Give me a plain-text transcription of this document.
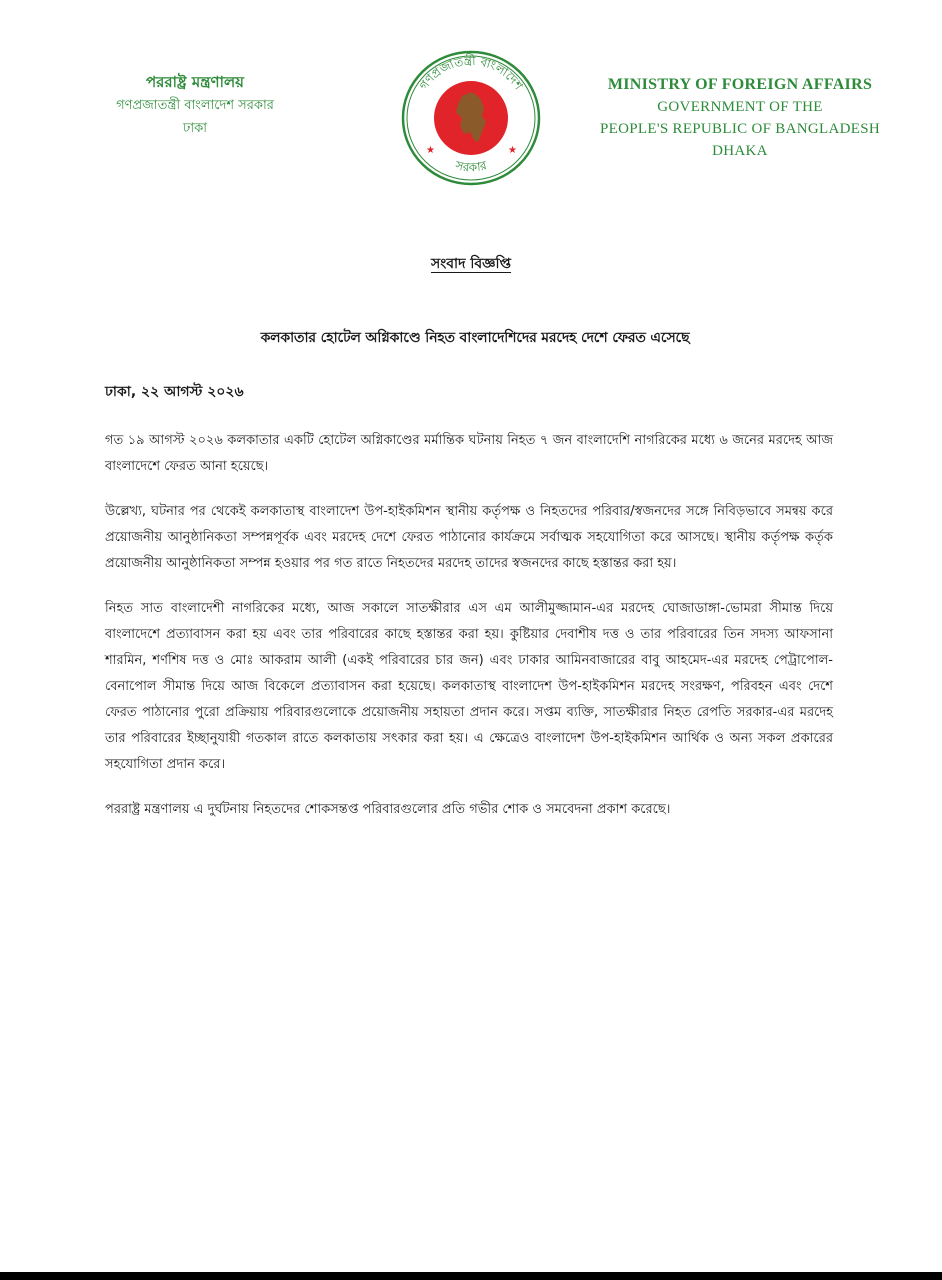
পররাষ্ট্র মন্ত্রণালয়
গণপ্রজাতন্ত্রী বাংলাদেশ সরকার
ঢাকা
গণপ্রজাতন্ত্রী বাংলাদেশ
সরকার
★	★
MINISTRY OF FOREIGN AFFAIRS
GOVERNMENT OF THE
PEOPLE'S REPUBLIC OF BANGLADESH
DHAKA
সংবাদ বিজ্ঞপ্তি
কলকাতার হোটেল অগ্নিকাণ্ডে নিহত বাংলাদেশিদের মরদেহ দেশে ফেরত এসেছে
ঢাকা, ২২ আগস্ট ২০২৬

গত ১৯ আগস্ট ২০২৬ কলকাতার একটি হোটেল অগ্নিকাণ্ডের মর্মান্তিক ঘটনায় নিহত ৭ জন বাংলাদেশি নাগরিকের মধ্যে ৬ জনের মরদেহ আজ বাংলাদেশে ফেরত আনা হয়েছে।

উল্লেখ্য, ঘটনার পর থেকেই কলকাতাস্থ বাংলাদেশ উপ-হাইকমিশন স্থানীয় কর্তৃপক্ষ ও নিহতদের পরিবার/স্বজনদের সঙ্গে নিবিড়ভাবে সমন্বয় করে প্রয়োজনীয় আনুষ্ঠানিকতা সম্পন্নপূর্বক এবং মরদেহ দেশে ফেরত পাঠানোর কার্যক্রমে সর্বাত্মক সহযোগিতা করে আসছে। স্থানীয় কর্তৃপক্ষ কর্তৃক প্রয়োজনীয় আনুষ্ঠানিকতা সম্পন্ন হওয়ার পর গত রাতে নিহতদের মরদেহ তাদের স্বজনদের কাছে হস্তান্তর করা হয়।

নিহত সাত বাংলাদেশী নাগরিকের মধ্যে, আজ সকালে সাতক্ষীরার এস এম আলীমুজ্জামান-এর মরদেহ ঘোজাডাঙ্গা-ভোমরা সীমান্ত দিয়ে বাংলাদেশে প্রত্যাবাসন করা হয় এবং তার পরিবারের কাছে হস্তান্তর করা হয়। কুষ্টিয়ার দেবাশীষ দত্ত ও তার পরিবারের তিন সদস্য আফসানা শারমিন, শর্ণশিষ দত্ত ও মোঃ আকরাম আলী (একই পরিবারের চার জন) এবং ঢাকার আমিনবাজারের বাবু আহমেদ-এর মরদেহ পেট্রাপোল-বেনাপোল সীমান্ত দিয়ে আজ বিকেলে প্রত্যাবাসন করা হয়েছে। কলকাতাস্থ বাংলাদেশ উপ-হাইকমিশন মরদেহ সংরক্ষণ, পরিবহন এবং দেশে ফেরত পাঠানোর পুরো প্রক্রিয়ায় পরিবারগুলোকে প্রয়োজনীয় সহায়তা প্রদান করে। সপ্তম ব্যক্তি, সাতক্ষীরার নিহত রেপতি সরকার-এর মরদেহ তার পরিবারের ইচ্ছানুযায়ী গতকাল রাতে কলকাতায় সৎকার করা হয়। এ ক্ষেত্রেও বাংলাদেশ উপ-হাইকমিশন আর্থিক ও অন্য সকল প্রকারের সহযোগিতা প্রদান করে।

পররাষ্ট্র মন্ত্রণালয় এ দুর্ঘটনায় নিহতদের শোকসন্তপ্ত পরিবারগুলোর প্রতি গভীর শোক ও সমবেদনা প্রকাশ করেছে।
